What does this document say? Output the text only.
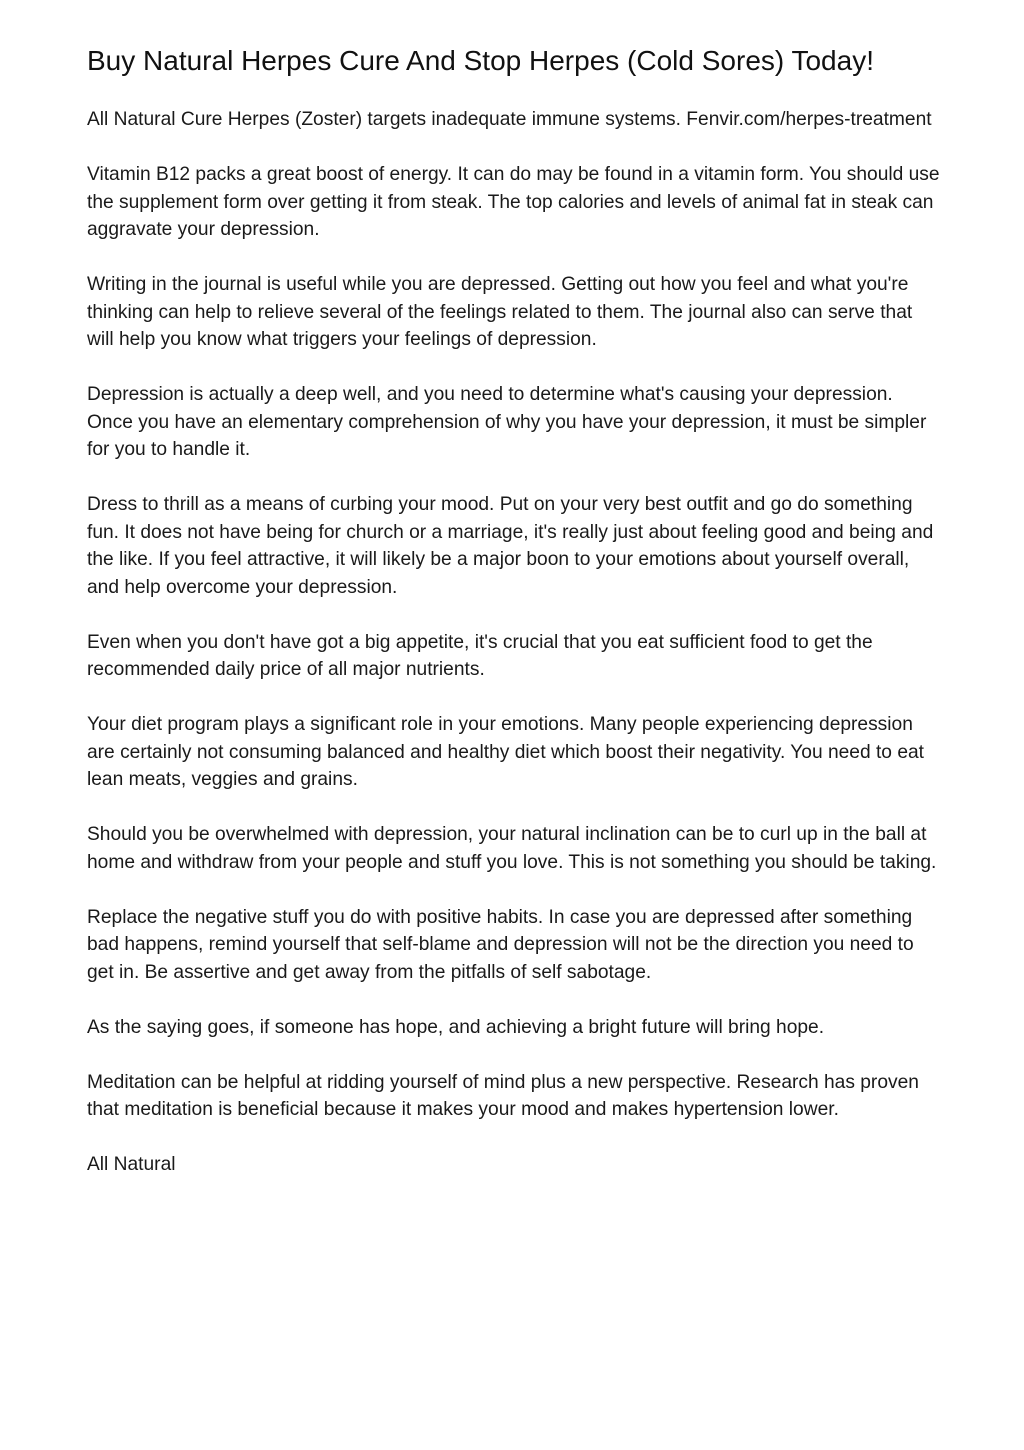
Buy Natural Herpes Cure And Stop Herpes (Cold Sores) Today!

All Natural Cure Herpes (Zoster) targets inadequate immune systems. Fenvir.com/herpes-treatment

Vitamin B12 packs a great boost of energy. It can do may be found in a vitamin form. You should use the supplement form over getting it from steak. The top calories and levels of animal fat in steak can aggravate your depression.

Writing in the journal is useful while you are depressed. Getting out how you feel and what you're thinking can help to relieve several of the feelings related to them. The journal also can serve that will help you know what triggers your feelings of depression.

Depression is actually a deep well, and you need to determine what's causing your depression. Once you have an elementary comprehension of why you have your depression, it must be simpler for you to handle it.

Dress to thrill as a means of curbing your mood. Put on your very best outfit and go do something fun. It does not have being for church or a marriage, it's really just about feeling good and being and the like. If you feel attractive, it will likely be a major boon to your emotions about yourself overall, and help overcome your depression.

Even when you don't have got a big appetite, it's crucial that you eat sufficient food to get the recommended daily price of all major nutrients.

Your diet program plays a significant role in your emotions. Many people experiencing depression are certainly not consuming balanced and healthy diet which boost their negativity. You need to eat lean meats, veggies and grains.

Should you be overwhelmed with depression, your natural inclination can be to curl up in the ball at home and withdraw from your people and stuff you love. This is not something you should be taking.

Replace the negative stuff you do with positive habits. In case you are depressed after something bad happens, remind yourself that self-blame and depression will not be the direction you need to get in. Be assertive and get away from the pitfalls of self sabotage.

As the saying goes, if someone has hope, and achieving a bright future will bring hope.

Meditation can be helpful at ridding yourself of mind plus a new perspective. Research has proven that meditation is beneficial because it makes your mood and makes hypertension lower.

All Natural
